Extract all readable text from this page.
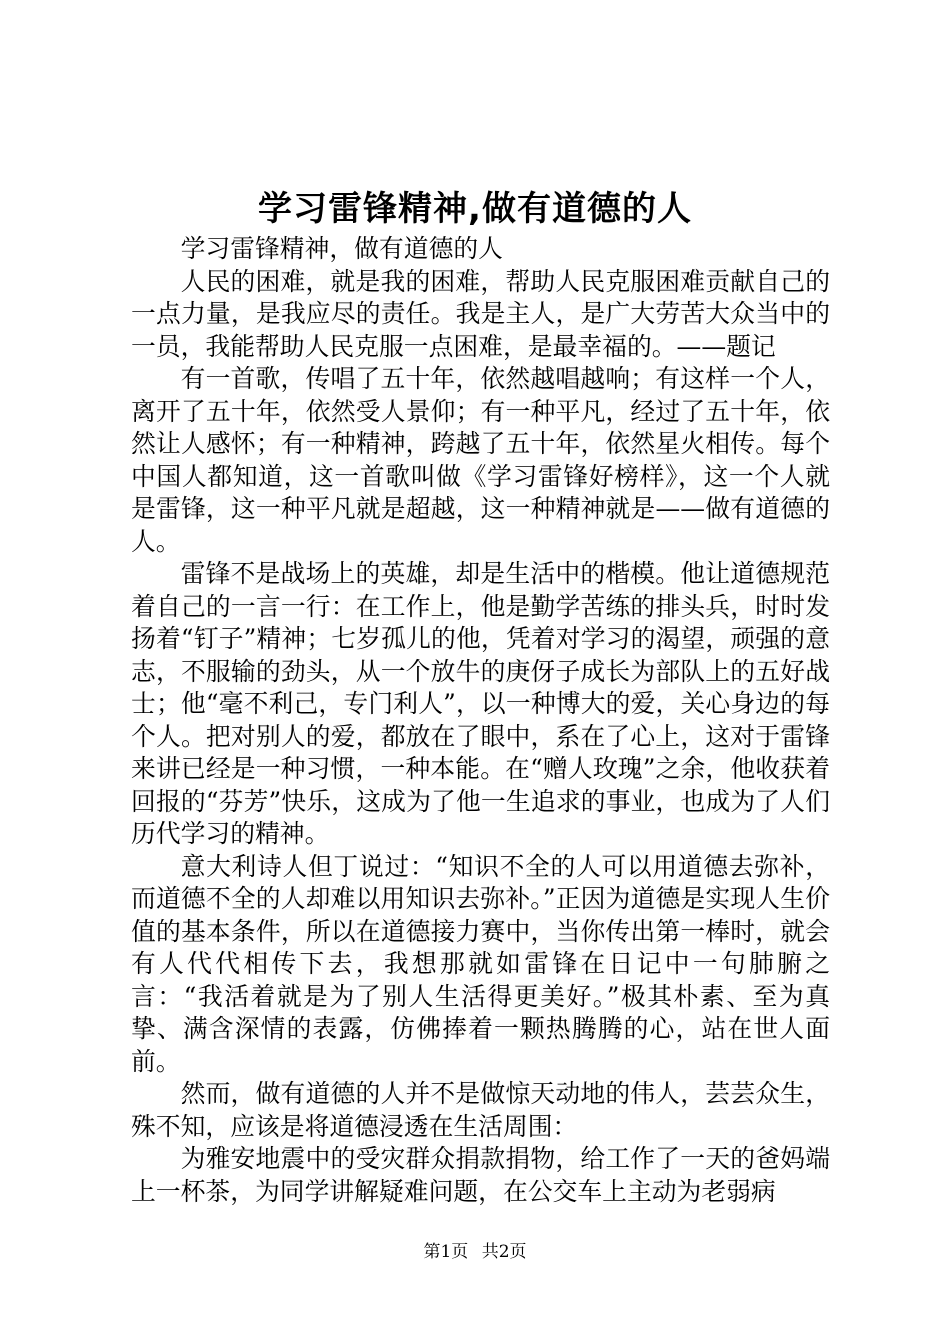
学习雷锋精神,做有道德的人

学习雷锋精神，做有道德的人

人民的困难，就是我的困难，帮助人民克服困难贡献自己的一点力量，是我应尽的责任。我是主人，是广大劳苦大众当中的一员，我能帮助人民克服一点困难，是最幸福的。——题记

有一首歌，传唱了五十年，依然越唱越响；有这样一个人，离开了五十年，依然受人景仰；有一种平凡，经过了五十年，依然让人感怀；有一种精神，跨越了五十年，依然星火相传。每个中国人都知道，这一首歌叫做《学习雷锋好榜样》，这一个人就是雷锋，这一种平凡就是超越，这一种精神就是——做有道德的人。

雷锋不是战场上的英雄，却是生活中的楷模。他让道德规范着自己的一言一行：在工作上，他是勤学苦练的排头兵，时时发扬着“钉子”精神；七岁孤儿的他，凭着对学习的渴望，顽强的意志，不服输的劲头，从一个放牛的庚伢子成长为部队上的五好战士；他“毫不利己，专门利人”，以一种博大的爱，关心身边的每个人。把对别人的爱，都放在了眼中，系在了心上，这对于雷锋来讲已经是一种习惯，一种本能。在“赠人玫瑰”之余，他收获着回报的“芬芳”快乐，这成为了他一生追求的事业，也成为了人们历代学习的精神。

意大利诗人但丁说过：“知识不全的人可以用道德去弥补，而道德不全的人却难以用知识去弥补。”正因为道德是实现人生价值的基本条件，所以在道德接力赛中，当你传出第一棒时，就会有人代代相传下去，我想那就如雷锋在日记中一句肺腑之言：“我活着就是为了别人生活得更美好。”极其朴素、至为真挚、满含深情的表露，仿佛捧着一颗热腾腾的心，站在世人面前。

然而，做有道德的人并不是做惊天动地的伟人，芸芸众生，殊不知，应该是将道德浸透在生活周围：

为雅安地震中的受灾群众捐款捐物，给工作了一天的爸妈端上一杯茶，为同学讲解疑难问题，在公交车上主动为老弱病

第1页 共2页
